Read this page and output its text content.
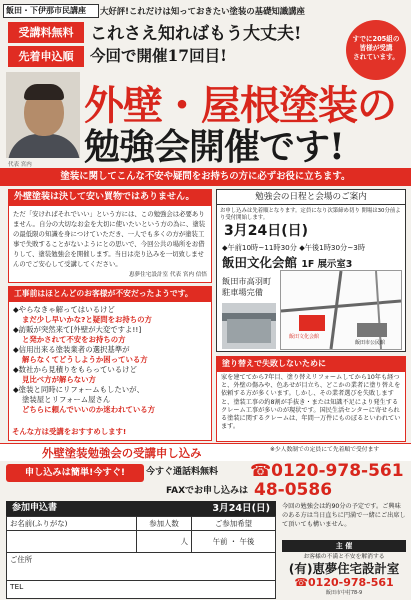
飯田・下伊那市民講座	大好評!これだけは知っておきたい塗装の基礎知識講座
受講料無料
先着申込順
これさえ知ればもう大丈夫!
今回で開催17回目!
すでに205組の
皆様が受講
されています。
代表 宮内
外壁・屋根塗装の
勉強会開催です!
塗装に関してこんな不安や疑問をお持ちの方に必ずお役に立ちます。
外壁塗装は決して安い買物ではありません。
ただ「安ければそれでいい」という方には、この勉強会は必要ありません。自分の大切なお金を大切に使いたいという方の為に、塗装の最低限の知識を身につけていただき、一人でも多くの方が塗装工事で失敗することがないようにとの思いで、今回公共の場所をお借りして、塗装勉強会を開催します。当日は売り込みを一切致しませんのでご安心して受講してください。
恵夢住宅設計室 代表 宮内 信悟
勉強会の日程と会場のご案内
お申し込みは先着順となります。定員になり次第締め切り 開場は30分前より受付開始します。
3月24日(日)
◆午前10時~11時30分 ◆午後1時30分~3時
飯田文化会館 1F 展示室3
飯田市高羽町
駐車場完備
飯田文化会館
飯田市公民館
工事前はほとんどのお客様が不安だったようです。
◆やらなきゃ解ってはいるけど
まだ少し早いかな?と疑問をお持ちの方
◆訪販が突然来て[外壁が大変ですよ!!]
と発かされて不安をお持ちの方
◆信用出来る塗装業者の選択基準が
解らなくてどうしようか困っている方
◆数社から見積りをもらっているけど
見比べ方が解らない方
◆塗装と同時にリフォームもしたいが、
塗装屋とリフォーム屋さん
どちらに頼んでいいのか迷われている方
そんな方は受講をおすすめします!
塗り替えで失敗しないために
家を建ててから7年目、塗り替えリフォームしてから10年も経つと、外壁の傷みや、色あせが目立ち、どこかの業者に塗り替えを依頼する方が多くいます。しかし、その業者選びを失敗しますと、塗装工事の約8割が手抜き・または知識不足により発生するクレーム工事が多いのが現状です。国民生活センターに寄せられる塗装に関するクレームは、年間一万件にものぼるといわれています。
外壁塗装勉強会の受講申し込み	※少人数制での定員にて先着順で受付ます
申し込みは簡単!今すぐ!	今すぐ通話料無料	☎0120-978-561
FAXでお申し込みは 48-0586
参加申込書	3月24日(日)
お名前(ふりがな)	参加人数	ご参加希望
	人	午前 ・ 午後
ご住所		
TEL		
今回の勉強会は約90分の予定です。ご興味のある方は当日直ちに円満で一緒にご出席して頂いても構いません。
主 催
お客様の不満と不安を解消する
(有)恵夢住宅設計室
☎0120-978-561
飯田市中村78-9
